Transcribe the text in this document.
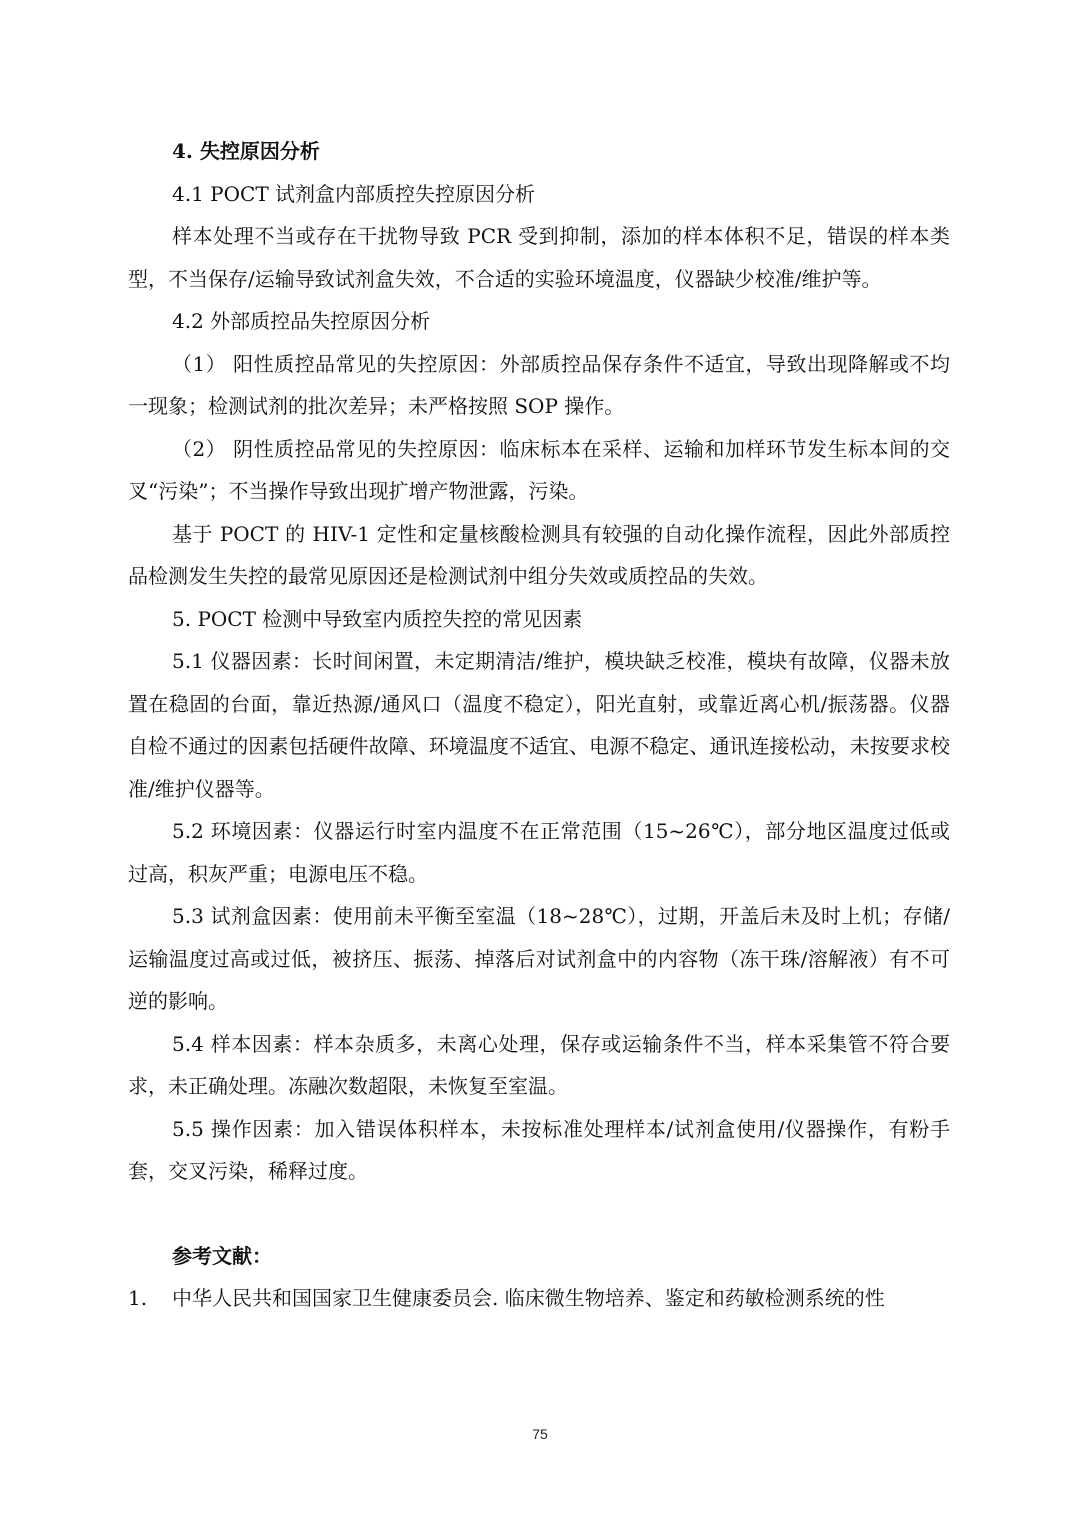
4. 失控原因分析

4.1 POCT 试剂盒内部质控失控原因分析

样本处理不当或存在干扰物导致 PCR 受到抑制，添加的样本体积不足，错误的样本类型，不当保存/运输导致试剂盒失效，不合适的实验环境温度，仪器缺少校准/维护等。

4.2 外部质控品失控原因分析

（1） 阳性质控品常见的失控原因：外部质控品保存条件不适宜，导致出现降解或不均一现象；检测试剂的批次差异；未严格按照 SOP 操作。

（2） 阴性质控品常见的失控原因：临床标本在采样、运输和加样环节发生标本间的交叉“污染”；不当操作导致出现扩增产物泄露，污染。

基于 POCT 的 HIV-1 定性和定量核酸检测具有较强的自动化操作流程，因此外部质控品检测发生失控的最常见原因还是检测试剂中组分失效或质控品的失效。

5. POCT 检测中导致室内质控失控的常见因素

5.1 仪器因素：长时间闲置，未定期清洁/维护，模块缺乏校准，模块有故障，仪器未放置在稳固的台面，靠近热源/通风口（温度不稳定），阳光直射，或靠近离心机/振荡器。仪器自检不通过的因素包括硬件故障、环境温度不适宜、电源不稳定、通讯连接松动，未按要求校准/维护仪器等。

5.2 环境因素：仪器运行时室内温度不在正常范围（15~26℃），部分地区温度过低或过高，积灰严重；电源电压不稳。

5.3 试剂盒因素：使用前未平衡至室温（18~28℃），过期，开盖后未及时上机；存储/运输温度过高或过低，被挤压、振荡、掉落后对试剂盒中的内容物（冻干珠/溶解液）有不可逆的影响。

5.4 样本因素：样本杂质多，未离心处理，保存或运输条件不当，样本采集管不符合要求，未正确处理。冻融次数超限，未恢复至室温。

5.5 操作因素：加入错误体积样本，未按标准处理样本/试剂盒使用/仪器操作，有粉手套，交叉污染，稀释过度。

参考文献：

1.	中华人民共和国国家卫生健康委员会. 临床微生物培养、鉴定和药敏检测系统的性
75
